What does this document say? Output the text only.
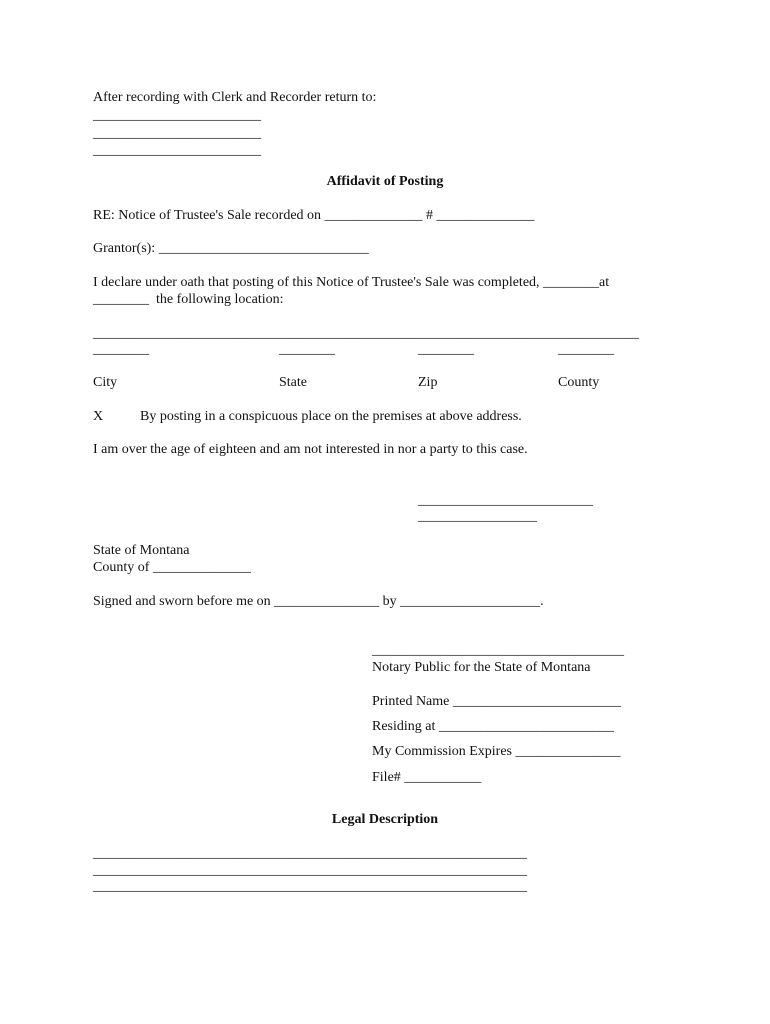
After recording with Clerk and Recorder return to:
________________________
________________________
________________________
Affidavit of Posting
RE: Notice of Trustee's Sale recorded on ______________ # ______________
Grantor(s): ______________________________
I declare under oath that posting of this Notice of Trustee's Sale was completed, ________at
________  the following location:
______________________________________________________________________________
________	________	________	________
City	State	Zip	County
X	By posting in a conspicuous place on the premises at above address.
I am over the age of eighteen and am not interested in nor a party to this case.
_________________________
_________________
State of Montana
County of ______________
Signed and sworn before me on _______________ by ____________________.
____________________________________
Notary Public for the State of Montana
Printed Name ________________________
Residing at _________________________
My Commission Expires _______________
File# ___________
Legal Description
______________________________________________________________
______________________________________________________________
______________________________________________________________
